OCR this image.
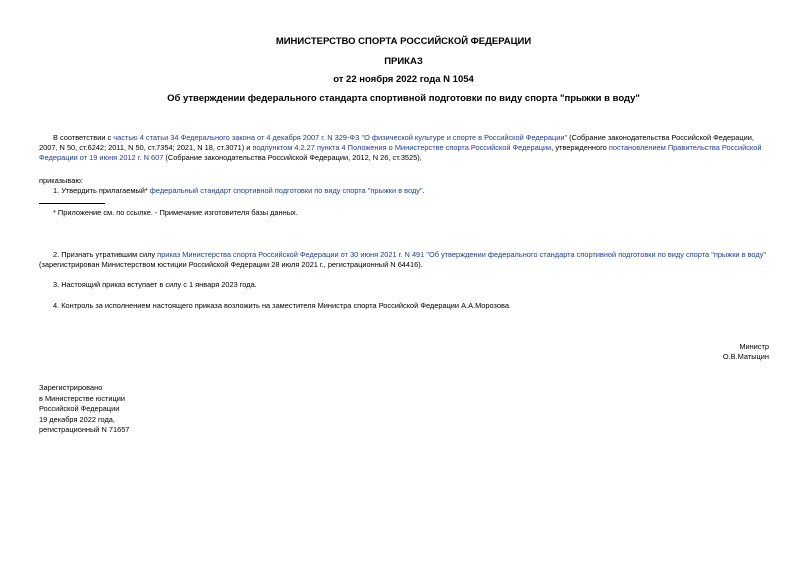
МИНИСТЕРСТВО СПОРТА РОССИЙСКОЙ ФЕДЕРАЦИИ

ПРИКАЗ

от 22 ноября 2022 года N 1054

Об утверждении федерального стандарта спортивной подготовки по виду спорта "прыжки в воду"

В соответствии с частью 4 статьи 34 Федерального закона от 4 декабря 2007 г. N 329-ФЗ "О физической культуре и спорте в Российской Федерации" (Собрание законодательства Российской Федерации, 2007, N 50, ст.6242; 2011, N 50, ст.7354; 2021, N 18, ст.3071) и подпунктом 4.2.27 пункта 4 Положения о Министерстве спорта Российской Федерации, утвержденного постановлением Правительства Российской Федерации от 19 июня 2012 г. N 607 (Собрание законодательства Российской Федерации, 2012, N 26, ст.3525),

приказываю:

1. Утвердить прилагаемый* федеральный стандарт спортивной подготовки по виду спорта "прыжки в воду".

* Приложение см. по ссылке. - Примечание изготовителя базы данных.

2. Признать утратившим силу приказ Министерства спорта Российской Федерации от 30 июня 2021 г. N 491 "Об утверждении федерального стандарта спортивной подготовки по виду спорта "прыжки в воду" (зарегистрирован Министерством юстиции Российской Федерации 28 июля 2021 г., регистрационный N 64416).

3. Настоящий приказ вступает в силу с 1 января 2023 года.

4. Контроль за исполнением настоящего приказа возложить на заместителя Министра спорта Российской Федерации А.А.Морозова.

Министр

О.В.Матыцин

Зарегистрировано
в Министерстве юстиции
Российской Федерации
19 декабря 2022 года,
регистрационный N 71657
